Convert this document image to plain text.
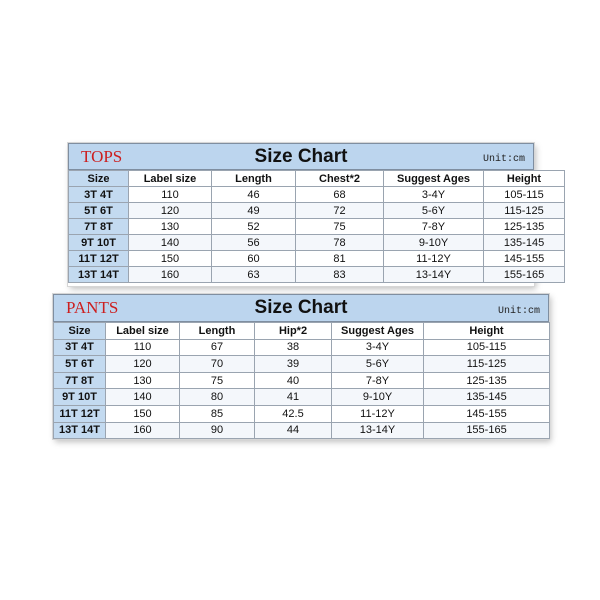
TOPS	Size Chart	Unit:cm
Size	Label size	Length	Chest*2	Suggest Ages	Height
3T 4T	110	46	68	3-4Y	105-115
5T 6T	120	49	72	5-6Y	115-125
7T 8T	130	52	75	7-8Y	125-135
9T 10T	140	56	78	9-10Y	135-145
11T 12T	150	60	81	11-12Y	145-155
13T 14T	160	63	83	13-14Y	155-165
PANTS	Size Chart	Unit:cm
Size	Label size	Length	Hip*2	Suggest Ages	Height
3T 4T	110	67	38	3-4Y	105-115
5T 6T	120	70	39	5-6Y	115-125
7T 8T	130	75	40	7-8Y	125-135
9T 10T	140	80	41	9-10Y	135-145
11T 12T	150	85	42.5	11-12Y	145-155
13T 14T	160	90	44	13-14Y	155-165
